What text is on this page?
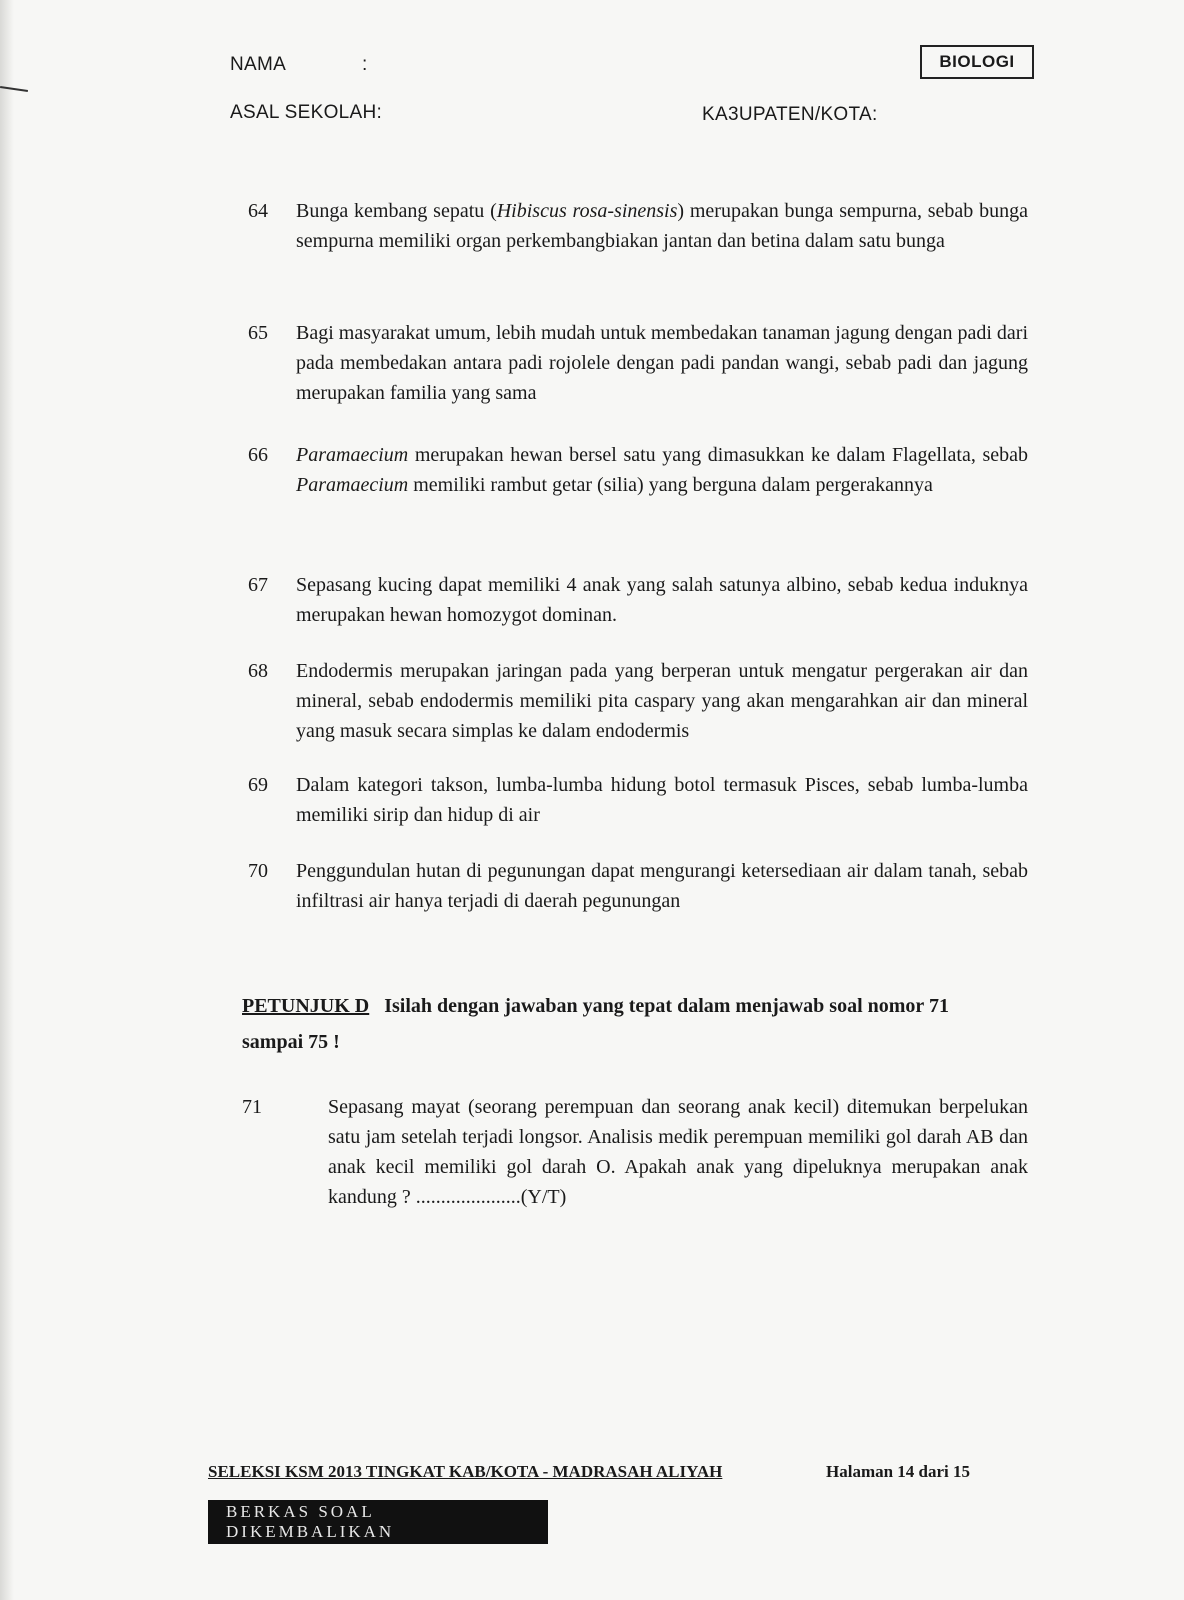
NAMA	:
ASAL SEKOLAH:	KA3UPATEN/KOTA:
BIOLOGI
64	Bunga kembang sepatu (Hibiscus rosa-sinensis) merupakan bunga sempurna, sebab bunga sempurna memiliki organ perkembangbiakan jantan dan betina dalam satu bunga
65	Bagi masyarakat umum, lebih mudah untuk membedakan tanaman jagung dengan padi dari pada membedakan antara padi rojolele dengan padi pandan wangi, sebab padi dan jagung merupakan familia yang sama
66	Paramaecium merupakan hewan bersel satu yang dimasukkan ke dalam Flagellata, sebab Paramaecium memiliki rambut getar (silia) yang berguna dalam pergerakannya
67	Sepasang kucing dapat memiliki 4 anak yang salah satunya albino, sebab kedua induknya merupakan hewan homozygot dominan.
68	Endodermis merupakan jaringan pada yang berperan untuk mengatur pergerakan air dan mineral, sebab endodermis memiliki pita caspary yang akan mengarahkan air dan mineral yang masuk secara simplas ke dalam endodermis
69	Dalam kategori takson, lumba-lumba hidung botol termasuk Pisces, sebab lumba-lumba memiliki sirip dan hidup di air
70	Penggundulan hutan di pegunungan dapat mengurangi ketersediaan air dalam tanah, sebab infiltrasi air hanya terjadi di daerah pegunungan
PETUNJUK D Isilah dengan jawaban yang tepat dalam menjawab soal nomor 71 sampai 75 !
71	Sepasang mayat (seorang perempuan dan seorang anak kecil) ditemukan berpelukan satu jam setelah terjadi longsor. Analisis medik perempuan memiliki gol darah AB dan anak kecil memiliki gol darah O. Apakah anak yang dipeluknya merupakan anak kandung ? .....................(Y/T)
SELEKSI KSM 2013 TINGKAT KAB/KOTA - MADRASAH ALIYAH	Halaman 14 dari 15
BERKAS SOAL DIKEMBALIKAN
